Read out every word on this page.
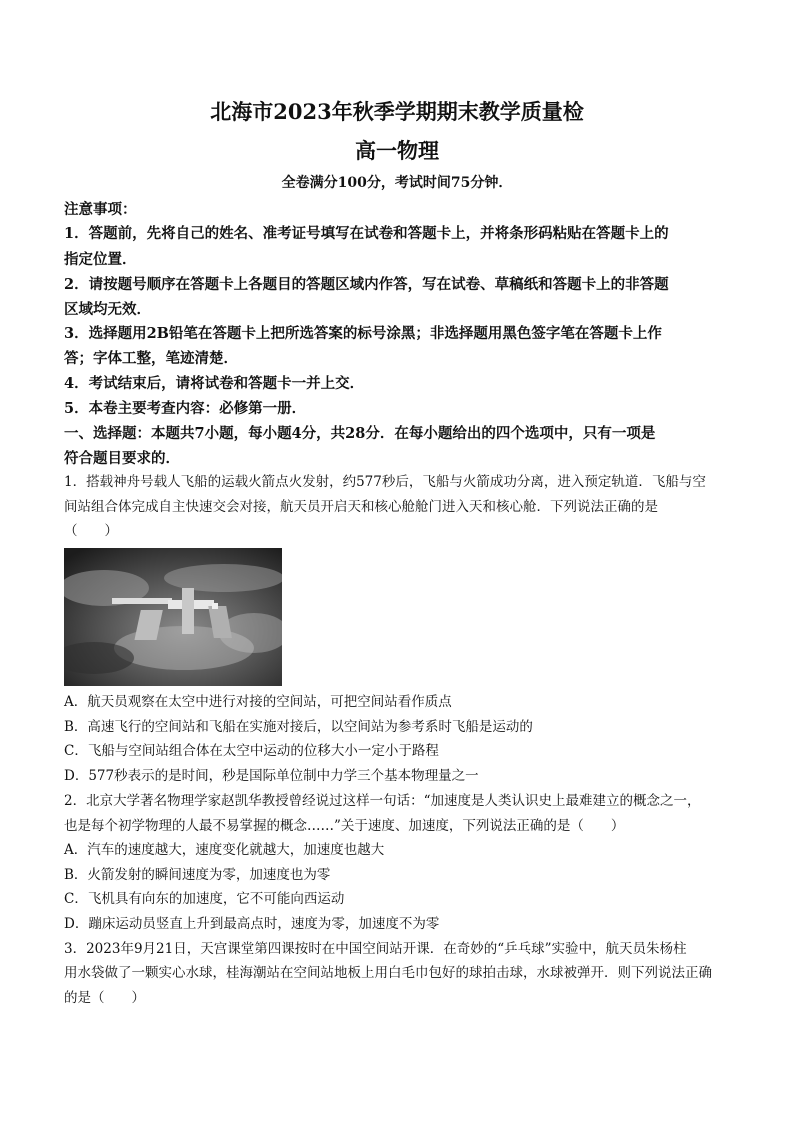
北海市2023年秋季学期期末教学质量检
高一物理
全卷满分100分，考试时间75分钟．
注意事项：
1．答题前，先将自己的姓名、准考证号填写在试卷和答题卡上，并将条形码粘贴在答题卡上的
指定位置．
2．请按题号顺序在答题卡上各题目的答题区域内作答，写在试卷、草稿纸和答题卡上的非答题
区域均无效．
3．选择题用2B铅笔在答题卡上把所选答案的标号涂黑；非选择题用黑色签字笔在答题卡上作
答；字体工整，笔迹清楚．
4．考试结束后，请将试卷和答题卡一并上交．
5．本卷主要考查内容：必修第一册．
一、选择题：本题共7小题，每小题4分，共28分．在每小题给出的四个选项中，只有一项是
符合题目要求的．
1．搭载神舟号载人飞船的运载火箭点火发射，约577秒后，飞船与火箭成功分离，进入预定轨道．飞船与空
间站组合体完成自主快速交会对接，航天员开启天和核心舱舱门进入天和核心舱．下列说法正确的是
（　　）
A．航天员观察在太空中进行对接的空间站，可把空间站看作质点
B．高速飞行的空间站和飞船在实施对接后，以空间站为参考系时飞船是运动的
C．飞船与空间站组合体在太空中运动的位移大小一定小于路程
D．577秒表示的是时间，秒是国际单位制中力学三个基本物理量之一
2．北京大学著名物理学家赵凯华教授曾经说过这样一句话：“加速度是人类认识史上最难建立的概念之一，
也是每个初学物理的人最不易掌握的概念……”关于速度、加速度，下列说法正确的是（　　）
A．汽车的速度越大，速度变化就越大，加速度也越大
B．火箭发射的瞬间速度为零，加速度也为零
C．飞机具有向东的加速度，它不可能向西运动
D．蹦床运动员竖直上升到最高点时，速度为零，加速度不为零
3．2023年9月21日，天宫课堂第四课按时在中国空间站开课．在奇妙的“乒乓球”实验中，航天员朱杨柱
用水袋做了一颗实心水球，桂海潮站在空间站地板上用白毛巾包好的球拍击球，水球被弹开．则下列说法正确
的是（　　）
